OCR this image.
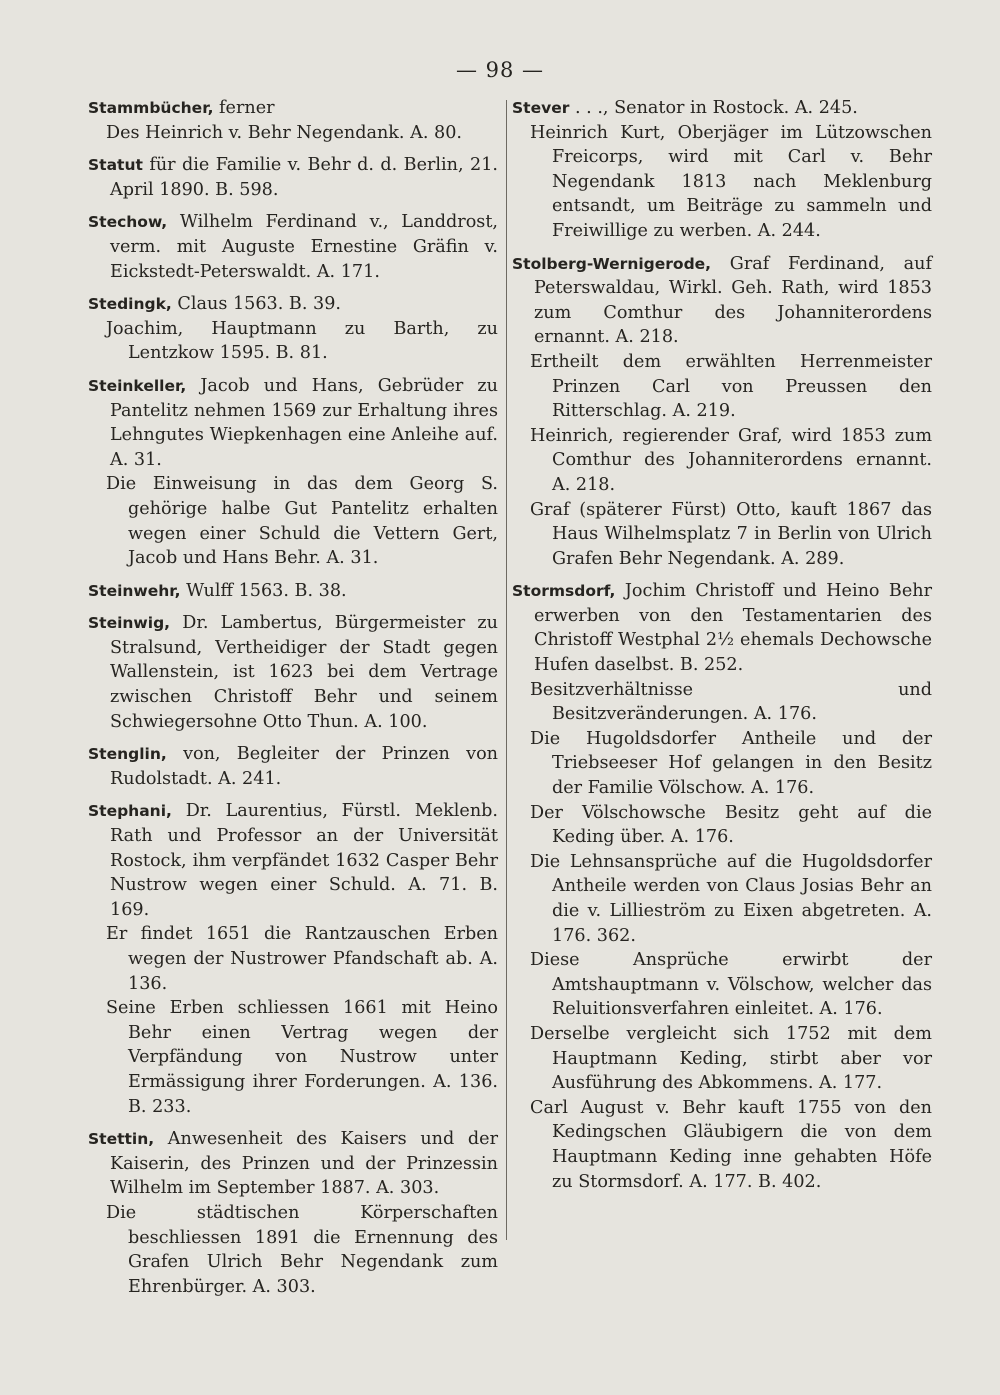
— 98 —
Stammbücher, ferner
Des Heinrich v. Behr Negendank. A. 80.
Statut für die Familie v. Behr d. d. Berlin, 21. April 1890. B. 598.
Stechow, Wilhelm Ferdinand v., Landdrost, verm. mit Auguste Ernestine Gräfin v. Eickstedt-Peterswaldt. A. 171.
Stedingk, Claus 1563. B. 39.
Joachim, Hauptmann zu Barth, zu Lentzkow 1595. B. 81.
Steinkeller, Jacob und Hans, Gebrüder zu Pantelitz nehmen 1569 zur Erhaltung ihres Lehngutes Wiepkenhagen eine Anleihe auf. A. 31.
Die Einweisung in das dem Georg S. gehörige halbe Gut Pantelitz erhalten wegen einer Schuld die Vettern Gert, Jacob und Hans Behr. A. 31.
Steinwehr, Wulff 1563. B. 38.
Steinwig, Dr. Lambertus, Bürgermeister zu Stralsund, Vertheidiger der Stadt gegen Wallenstein, ist 1623 bei dem Vertrage zwischen Christoff Behr und seinem Schwiegersohne Otto Thun. A. 100.
Stenglin, von, Begleiter der Prinzen von Rudolstadt. A. 241.
Stephani, Dr. Laurentius, Fürstl. Meklenb. Rath und Professor an der Universität Rostock, ihm verpfändet 1632 Casper Behr Nustrow wegen einer Schuld. A. 71. B. 169.
Er findet 1651 die Rantzauschen Erben wegen der Nustrower Pfandschaft ab. A. 136.
Seine Erben schliessen 1661 mit Heino Behr einen Vertrag wegen der Verpfändung von Nustrow unter Ermässigung ihrer Forderungen. A. 136. B. 233.
Stettin, Anwesenheit des Kaisers und der Kaiserin, des Prinzen und der Prinzessin Wilhelm im September 1887. A. 303.
Die städtischen Körperschaften beschliessen 1891 die Ernennung des Grafen Ulrich Behr Negendank zum Ehrenbürger. A. 303.
Stever . . ., Senator in Rostock. A. 245.
Heinrich Kurt, Oberjäger im Lützowschen Freicorps, wird mit Carl v. Behr Negendank 1813 nach Meklenburg entsandt, um Beiträge zu sammeln und Freiwillige zu werben. A. 244.
Stolberg-Wernigerode, Graf Ferdinand, auf Peterswaldau, Wirkl. Geh. Rath, wird 1853 zum Comthur des Johanniterordens ernannt. A. 218.
Ertheilt dem erwählten Herrenmeister Prinzen Carl von Preussen den Ritterschlag. A. 219.
Heinrich, regierender Graf, wird 1853 zum Comthur des Johanniterordens ernannt. A. 218.
Graf (späterer Fürst) Otto, kauft 1867 das Haus Wilhelmsplatz 7 in Berlin von Ulrich Grafen Behr Negendank. A. 289.
Stormsdorf, Jochim Christoff und Heino Behr erwerben von den Testamentarien des Christoff Westphal 2½ ehemals Dechowsche Hufen daselbst. B. 252.
Besitzverhältnisse und Besitzveränderungen. A. 176.
Die Hugoldsdorfer Antheile und der Triebseeser Hof gelangen in den Besitz der Familie Völschow. A. 176.
Der Völschowsche Besitz geht auf die Keding über. A. 176.
Die Lehnsansprüche auf die Hugoldsdorfer Antheile werden von Claus Josias Behr an die v. Lillieström zu Eixen abgetreten. A. 176. 362.
Diese Ansprüche erwirbt der Amtshauptmann v. Völschow, welcher das Reluitionsverfahren einleitet. A. 176.
Derselbe vergleicht sich 1752 mit dem Hauptmann Keding, stirbt aber vor Ausführung des Abkommens. A. 177.
Carl August v. Behr kauft 1755 von den Kedingschen Gläubigern die von dem Hauptmann Keding inne gehabten Höfe zu Stormsdorf. A. 177. B. 402.
